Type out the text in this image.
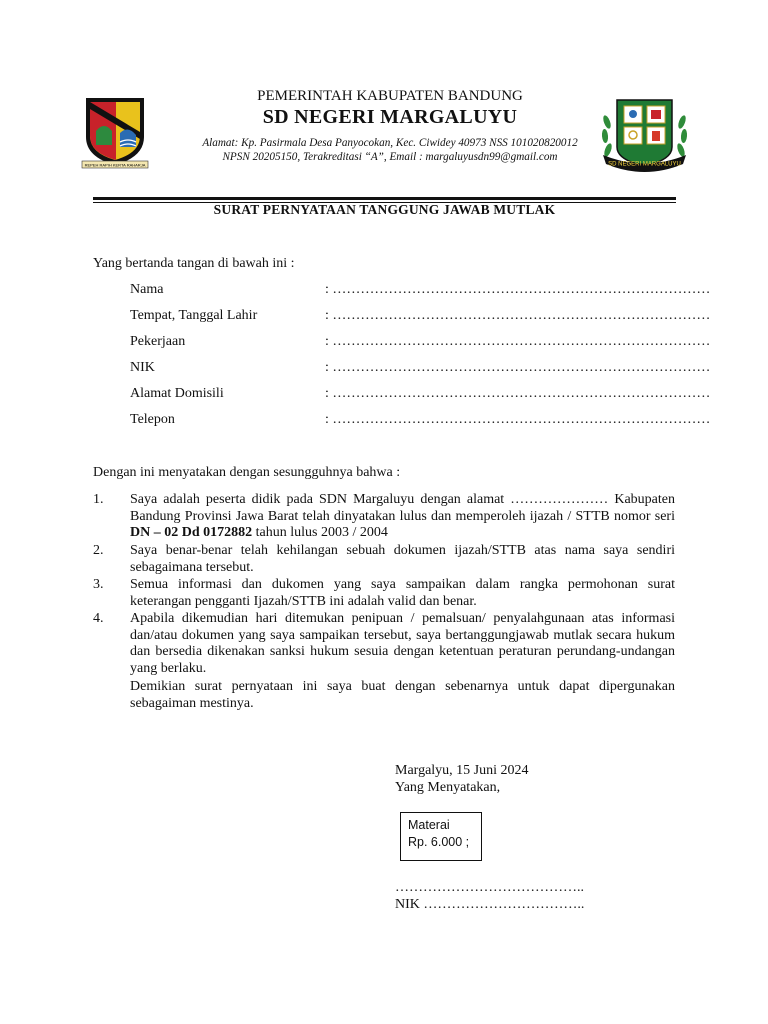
REPEH RAPIH KERTA RAHARJA	SD NEGERI MARGALUYU
PEMERINTAH KABUPATEN BANDUNG
SD NEGERI MARGALUYU
Alamat: Kp. Pasirmala Desa Panyocokan, Kec. Ciwidey 40973 NSS 101020820012
NPSN 20205150, Terakreditasi “A”, Email : margaluyusdn99@gmail.com
SURAT PERNYATAAN TANGGUNG JAWAB MUTLAK
Yang bertanda tangan di bawah ini :
Nama	: ………………………………………………………………………
Tempat, Tanggal Lahir	: ………………………………………………………………………
Pekerjaan	: ………………………………………………………………………
NIK	: ………………………………………………………………………
Alamat Domisili	: ………………………………………………………………………
Telepon	: ………………………………………………………………………
Dengan ini menyatakan dengan sesungguhnya bahwa :
1. Saya adalah peserta didik pada SDN Margaluyu dengan alamat ………………… Kabupaten Bandung Provinsi Jawa Barat telah dinyatakan lulus dan memperoleh ijazah / STTB nomor seri DN – 02 Dd 0172882 tahun lulus 2003 / 2004
2. Saya benar-benar telah kehilangan sebuah dokumen ijazah/STTB atas nama saya sendiri sebagaimana tersebut.
3. Semua informasi dan dukomen yang saya sampaikan dalam rangka permohonan surat keterangan pengganti Ijazah/STTB ini adalah valid dan benar.
4. Apabila dikemudian hari ditemukan penipuan / pemalsuan/ penyalahgunaan atas informasi dan/atau dokumen yang saya sampaikan tersebut, saya bertanggungjawab mutlak secara hukum dan bersedia dikenakan sanksi hukum sesuia dengan ketentuan peraturan perundang-undangan yang berlaku.
Demikian surat pernyataan ini saya buat dengan sebenarnya untuk dapat dipergunakan sebagaiman mestinya.
Margalyu, 15 Juni 2024
Yang Menyatakan,
Materai
Rp. 6.000 ;
…………………………………..
NIK ……………………………..
